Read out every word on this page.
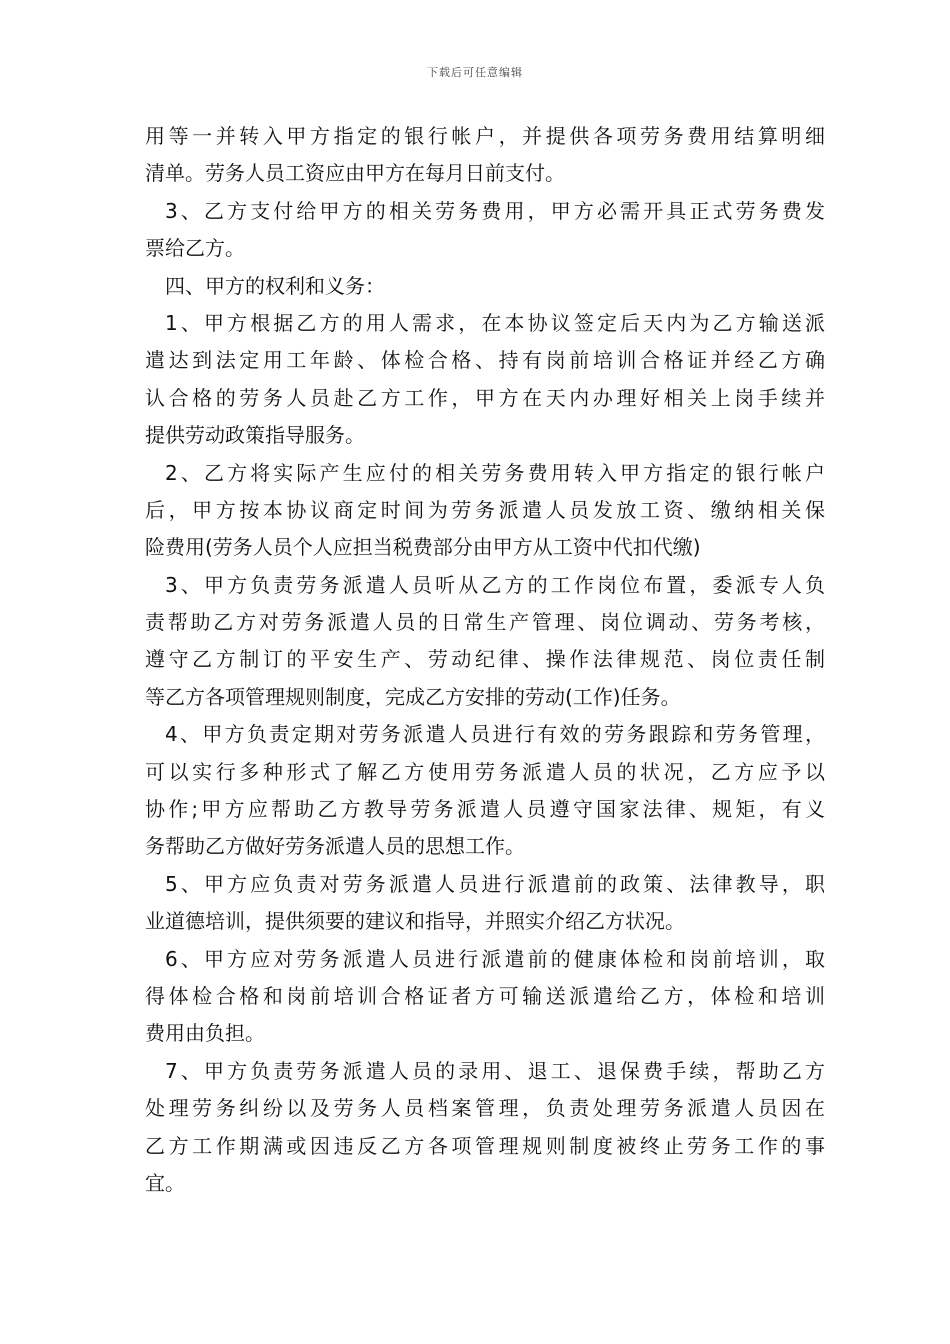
下载后可任意编辑
用等一并转入甲方指定的银行帐户，并提供各项劳务费用结算明细
清单。劳务人员工资应由甲方在每月日前支付。
3、乙方支付给甲方的相关劳务费用，甲方必需开具正式劳务费发
票给乙方。
四、甲方的权利和义务：
1、甲方根据乙方的用人需求，在本协议签定后天内为乙方输送派
遣达到法定用工年龄、体检合格、持有岗前培训合格证并经乙方确
认合格的劳务人员赴乙方工作，甲方在天内办理好相关上岗手续并
提供劳动政策指导服务。
2、乙方将实际产生应付的相关劳务费用转入甲方指定的银行帐户
后，甲方按本协议商定时间为劳务派遣人员发放工资、缴纳相关保
险费用(劳务人员个人应担当税费部分由甲方从工资中代扣代缴)
3、甲方负责劳务派遣人员听从乙方的工作岗位布置，委派专人负
责帮助乙方对劳务派遣人员的日常生产管理、岗位调动、劳务考核，
遵守乙方制订的平安生产、劳动纪律、操作法律规范、岗位责任制
等乙方各项管理规则制度，完成乙方安排的劳动(工作)任务。
4、甲方负责定期对劳务派遣人员进行有效的劳务跟踪和劳务管理，
可以实行多种形式了解乙方使用劳务派遣人员的状况，乙方应予以
协作;甲方应帮助乙方教导劳务派遣人员遵守国家法律、规矩，有义
务帮助乙方做好劳务派遣人员的思想工作。
5、甲方应负责对劳务派遣人员进行派遣前的政策、法律教导，职
业道德培训，提供须要的建议和指导，并照实介绍乙方状况。
6、甲方应对劳务派遣人员进行派遣前的健康体检和岗前培训，取
得体检合格和岗前培训合格证者方可输送派遣给乙方，体检和培训
费用由负担。
7、甲方负责劳务派遣人员的录用、退工、退保费手续，帮助乙方
处理劳务纠纷以及劳务人员档案管理，负责处理劳务派遣人员因在
乙方工作期满或因违反乙方各项管理规则制度被终止劳务工作的事
宜。
